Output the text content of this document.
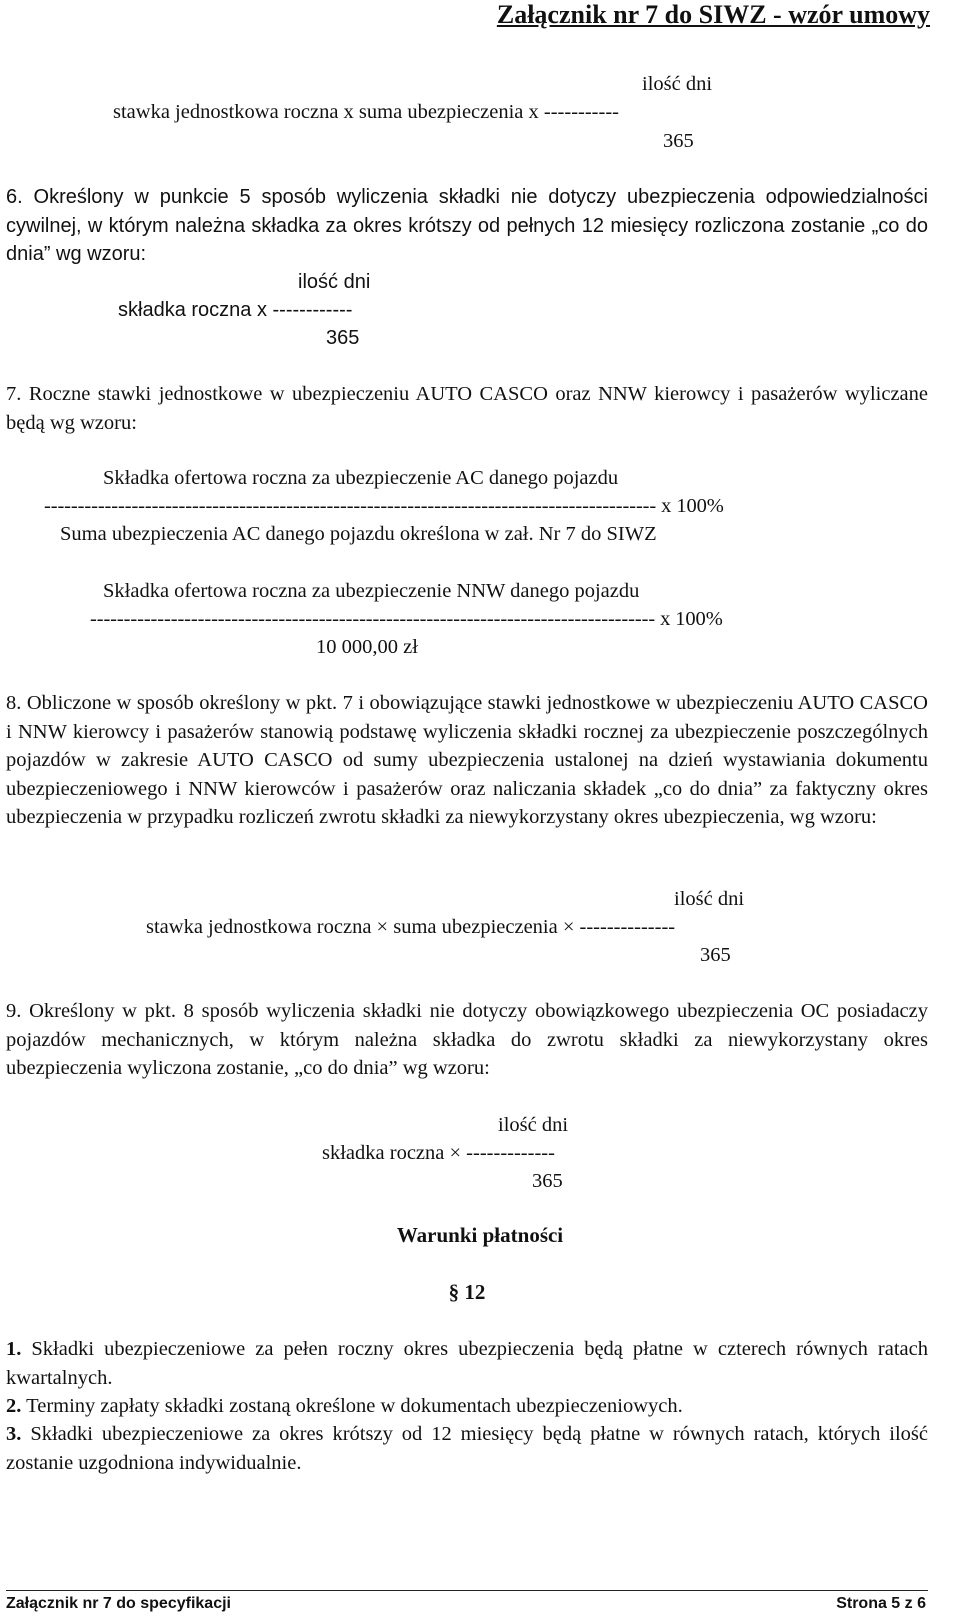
Załącznik nr 7 do SIWZ - wzór umowy
ilość dni
stawka jednostkowa roczna x suma ubezpieczenia x -----------
365
6. Określony w punkcie 5 sposób wyliczenia składki nie dotyczy ubezpieczenia odpowiedzialności cywilnej, w którym należna składka za okres krótszy od pełnych 12 miesięcy rozliczona zostanie „co do dnia” wg wzoru:
ilość dni
składka roczna x ------------
365
7. Roczne stawki jednostkowe w ubezpieczeniu AUTO CASCO oraz NNW kierowcy i pasażerów wyliczane będą wg wzoru:
Składka ofertowa roczna za ubezpieczenie AC danego pojazdu
------------------------------------------------------------------------------------------- x 100%
Suma ubezpieczenia AC danego pojazdu określona w zał. Nr 7 do SIWZ
Składka ofertowa roczna za ubezpieczenie NNW danego pojazdu
------------------------------------------------------------------------------------ x 100%
10 000,00 zł
8. Obliczone w sposób określony w pkt. 7 i obowiązujące stawki jednostkowe w ubezpieczeniu AUTO CASCO i NNW kierowcy i pasażerów stanowią podstawę wyliczenia składki rocznej za ubezpieczenie poszczególnych pojazdów w zakresie AUTO CASCO od sumy ubezpieczenia ustalonej na dzień wystawiania dokumentu ubezpieczeniowego i NNW kierowców i pasażerów oraz naliczania składek „co do dnia” za faktyczny okres ubezpieczenia w przypadku rozliczeń zwrotu składki za niewykorzystany okres ubezpieczenia, wg wzoru:
ilość dni
stawka jednostkowa roczna × suma ubezpieczenia × --------------
365
9. Określony w pkt. 8 sposób wyliczenia składki nie dotyczy obowiązkowego ubezpieczenia OC posiadaczy pojazdów mechanicznych, w którym należna składka do zwrotu składki za niewykorzystany okres ubezpieczenia wyliczona zostanie, „co do dnia” wg wzoru:
ilość dni
składka roczna × -------------
365
Warunki płatności
§ 12
1. Składki ubezpieczeniowe za pełen roczny okres ubezpieczenia będą płatne w czterech równych ratach kwartalnych.
2. Terminy zapłaty składki zostaną określone w dokumentach ubezpieczeniowych.
3. Składki ubezpieczeniowe za okres krótszy od 12 miesięcy będą płatne w równych ratach, których ilość zostanie uzgodniona indywidualnie.
Załącznik nr 7 do specyfikacji	Strona 5 z 6
